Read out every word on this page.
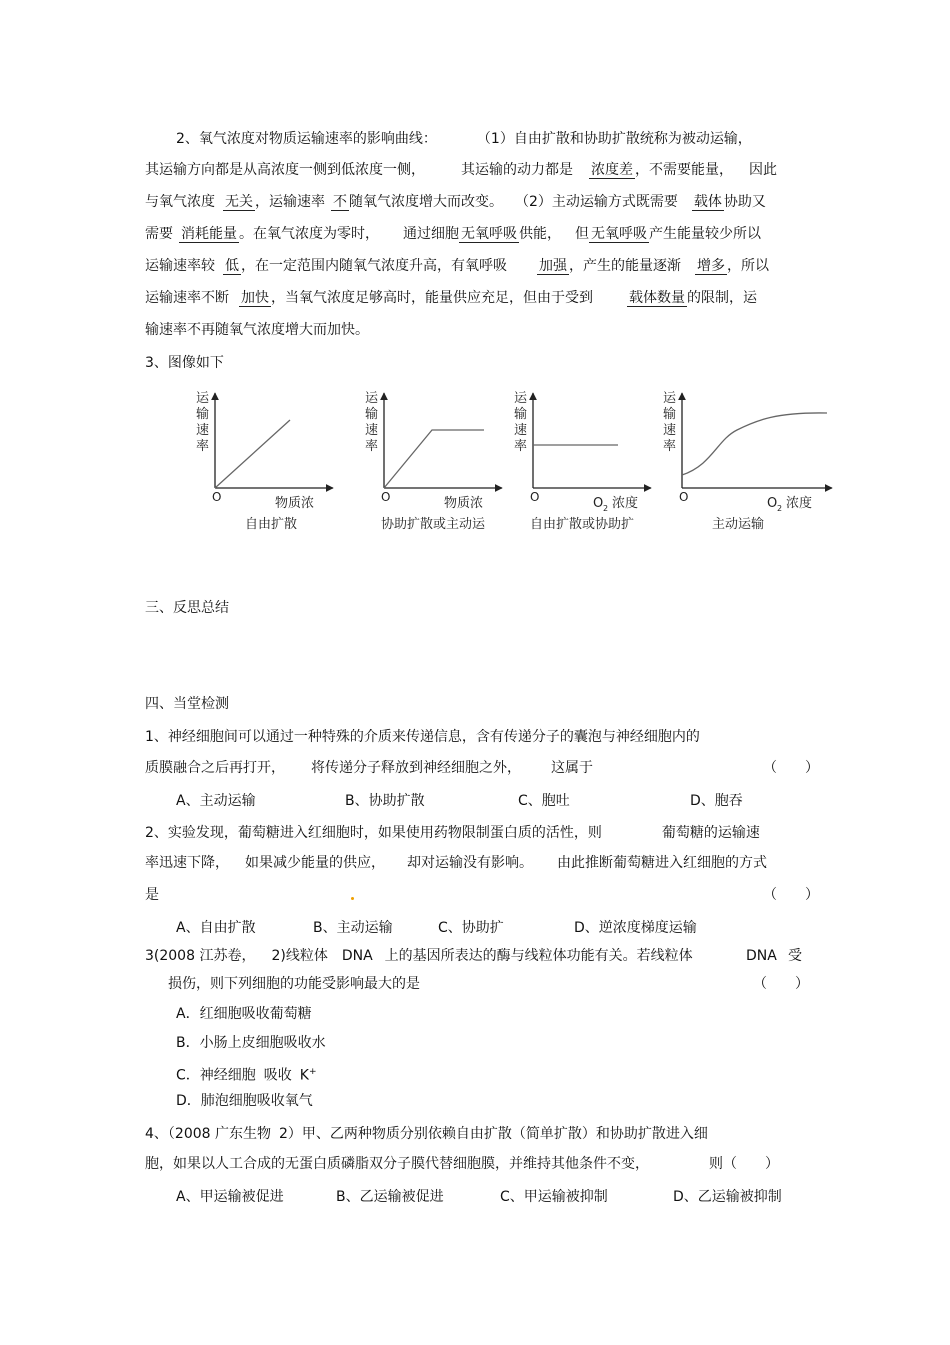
2、氧气浓度对物质运输速率的影响曲线：	（1）自由扩散和协助扩散统称为被动运输，
其运输方向都是从高浓度一侧到低浓度一侧，	其运输的动力都是 浓度差 ，不需要能量， 因此
与氧气浓度 无关 ，运输速率 不 随氧气浓度增大而改变。 （2）主动运输方式既需要 载体 协助又
需要 消耗能量 。在氧气浓度为零时， 通过细胞 无氧呼吸 供能， 但 无氧呼吸 产生能量较少所以
运输速率较 低 ，在一定范围内随氧气浓度升高，有氧呼吸 加强 ，产生的能量逐渐 增多 ，所以
运输速率不断 加快 ，当氧气浓度足够高时，能量供应充足，但由于受到	载体数量 的限制，运
输速率不再随氧气浓度增大而加快。
3、图像如下
运
输
速
率
O	物质浓
自由扩散
运
输
速
率
O	物质浓
协助扩散或主动运
运
输
速
率
O	O 2 浓度
自由扩散或协助扩
运
输
速
率
O	O 2 浓度
主动运输
三、反思总结
四、当堂检测
1、神经细胞间可以通过一种特殊的介质来传递信息，含有传递分子的囊泡与神经细胞内的
质膜融合之后再打开， 将传递分子释放到神经细胞之外， 这属于	（　　）
A、主动运输	B、协助扩散	C、胞吐	D、胞吞
2、实验发现，葡萄糖进入红细胞时，如果使用药物限制蛋白质的活性，则	葡萄糖的运输速
率迅速下降， 如果减少能量的供应， 却对运输没有影响。 由此推断葡萄糖进入红细胞的方式
是	（　　）
A、自由扩散	B、主动运输	C、协助扩	D、逆浓度梯度运输
3(2008 江苏卷， 2)线粒体 DNA 上的基因所表达的酶与线粒体功能有关。若线粒体	DNA 受
损伤，则下列细胞的功能受影响最大的是	（　　）
A．红细胞吸收葡萄糖
B．小肠上皮细胞吸收水
C．神经细胞 吸收 K+
D．肺泡细胞吸收氧气
4、（2008 广东生物 2）甲、乙两种物质分别依赖自由扩散（简单扩散）和协助扩散进入细
胞，如果以人工合成的无蛋白质磷脂双分子膜代替细胞膜，并维持其他条件不变，	则（　　）
A、甲运输被促进	B、乙运输被促进	C、甲运输被抑制	D、乙运输被抑制
